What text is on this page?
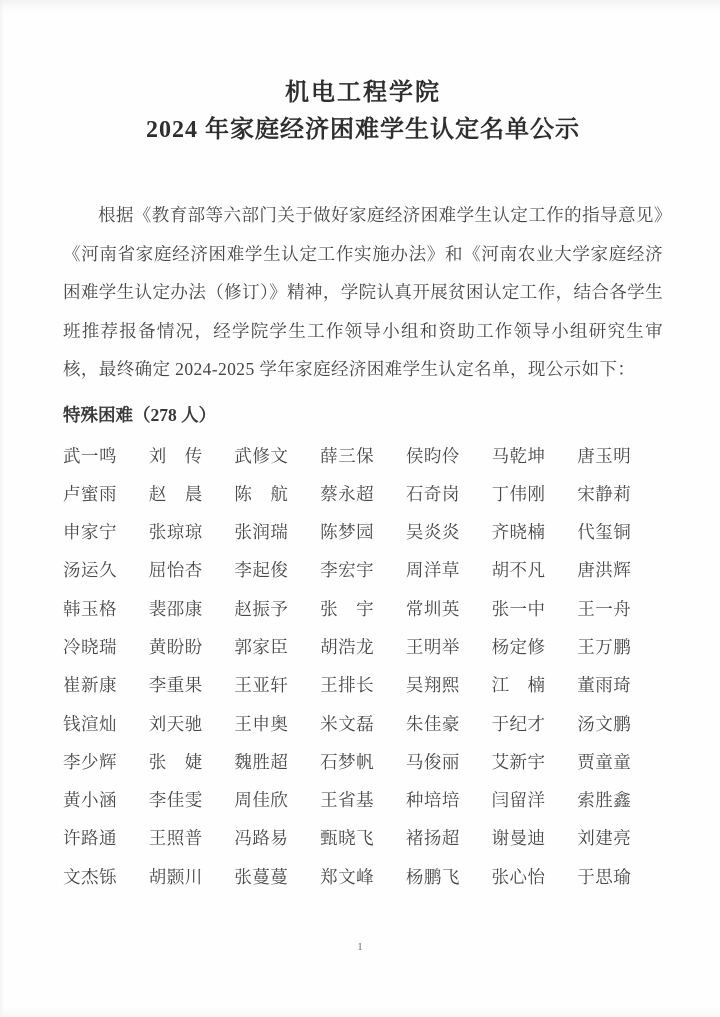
机电工程学院
2024 年家庭经济困难学生认定名单公示

根据《教育部等六部门关于做好家庭经济困难学生认定工作的指导意见》《河南省家庭经济困难学生认定工作实施办法》和《河南农业大学家庭经济困难学生认定办法（修订）》精神，学院认真开展贫困认定工作，结合各学生班推荐报备情况，经学院学生工作领导小组和资助工作领导小组研究生审核，最终确定 2024-2025 学年家庭经济困难学生认定名单，现公示如下：

特殊困难（278 人）
武一鸣	刘　传	武修文	薛三保	侯昀伶	马乾坤	唐玉明
卢蜜雨	赵　晨	陈　航	蔡永超	石奇岗	丁伟刚	宋静莉
申家宁	张琼琼	张润瑞	陈梦园	吴炎炎	齐晓楠	代玺铜
汤运久	屈怡杏	李起俊	李宏宇	周洋草	胡不凡	唐洪辉
韩玉格	裴邵康	赵振予	张　宇	常圳英	张一中	王一舟
冷晓瑞	黄盼盼	郭家臣	胡浩龙	王明举	杨定修	王万鹏
崔新康	李重果	王亚轩	王排长	吴翔熙	江　楠	董雨琦
钱渲灿	刘天驰	王申奥	米文磊	朱佳豪	于纪才	汤文鹏
李少辉	张　婕	魏胜超	石梦帆	马俊丽	艾新宇	贾童童
黄小涵	李佳雯	周佳欣	王省基	种培培	闫留洋	索胜鑫
许路通	王照普	冯路易	甄晓飞	褚扬超	谢曼迪	刘建亮
文杰铄	胡颢川	张蔓蔓	郑文峰	杨鹏飞	张心怡	于思瑜
1
